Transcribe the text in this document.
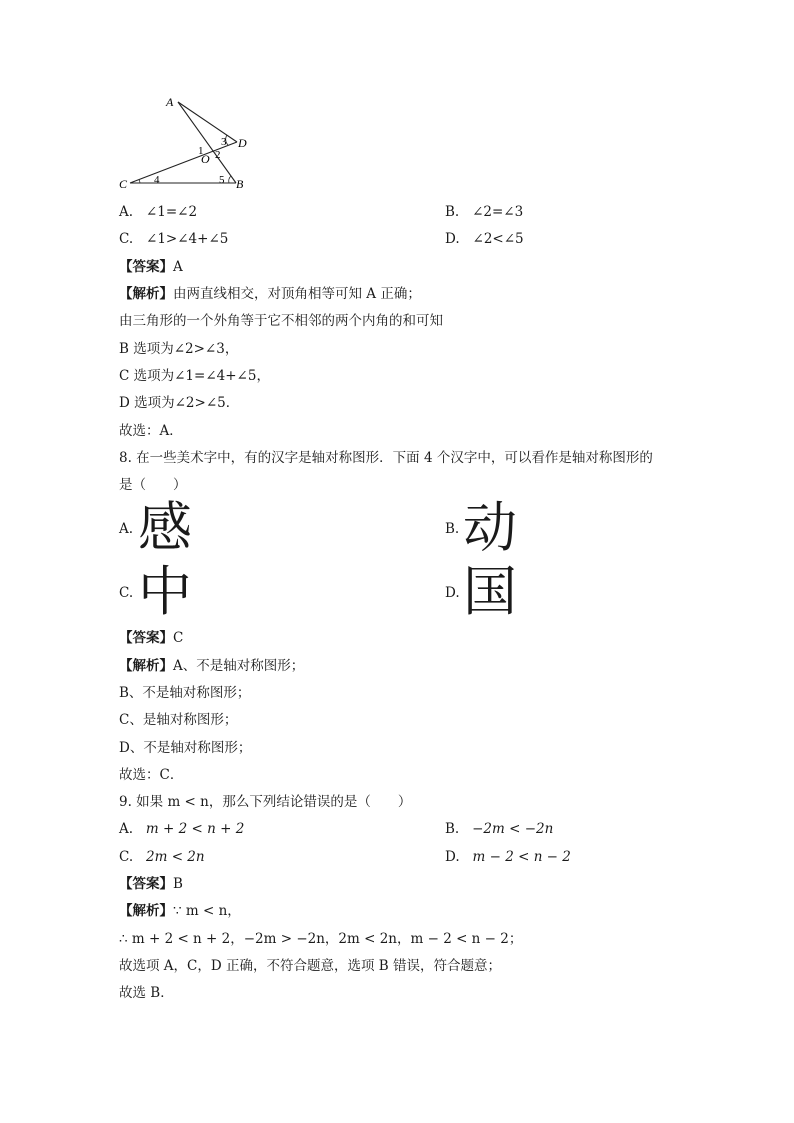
A
D
O
C	B
1 2
3
4	5
A. ∠1=∠2	B. ∠2=∠3
C. ∠1>∠4+∠5	D. ∠2<∠5
【答案】A
【解析】由两直线相交，对顶角相等可知 A 正确；
由三角形的一个外角等于它不相邻的两个内角的和可知
B 选项为∠2>∠3，
C 选项为∠1=∠4+∠5，
D 选项为∠2>∠5．
故选：A．
8. 在一些美术字中，有的汉字是轴对称图形．下面 4 个汉字中，可以看作是轴对称图形的
是（　　）
A. 感	B. 动
C. 中	D. 国
【答案】C
【解析】A、不是轴对称图形；
B、不是轴对称图形；
C、是轴对称图形；
D、不是轴对称图形；
故选：C．
9. 如果 m < n，那么下列结论错误的是（　　）
A. m + 2 < n + 2	B. −2m < −2n
C. 2m < 2n	D. m − 2 < n − 2
【答案】B
【解析】∵ m < n，
∴ m + 2 < n + 2，−2m > −2n，2m < 2n，m − 2 < n − 2；
故选项 A，C，D 正确，不符合题意，选项 B 错误，符合题意；
故选 B．
